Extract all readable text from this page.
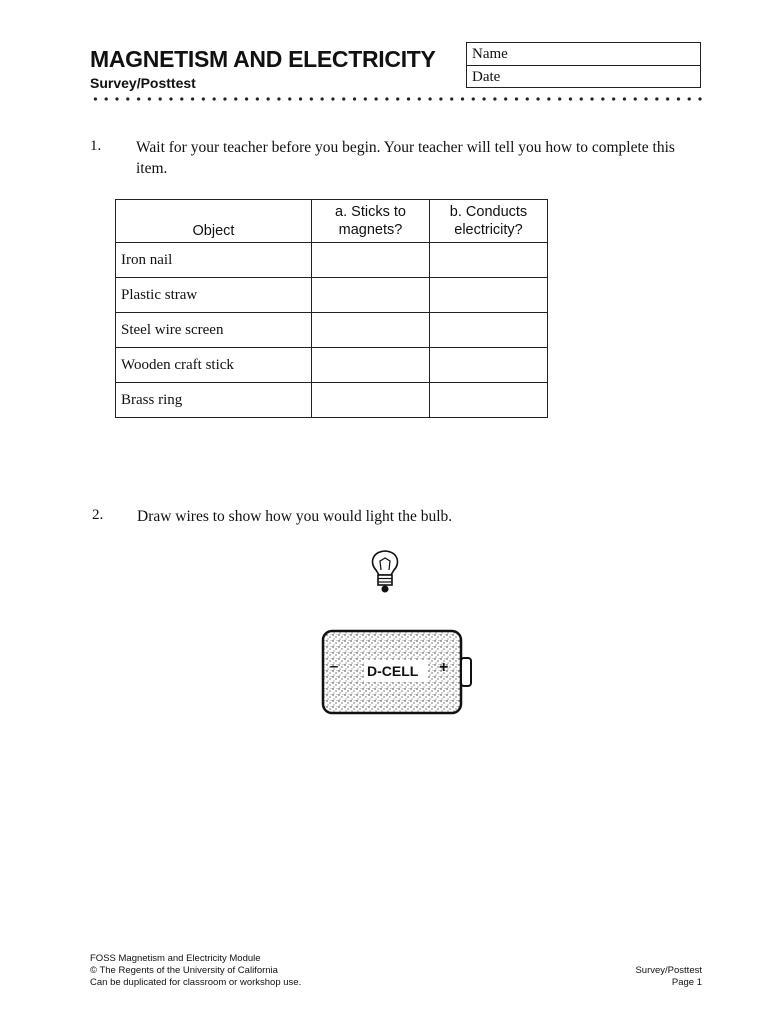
MAGNETISM AND ELECTRICITY
Survey/Posttest
Name
Date
1. Wait for your teacher before you begin. Your teacher will tell you how to complete this item.
Object	a. Sticks to magnets?	b. Conducts electricity?
Iron nail		
Plastic straw		
Steel wire screen		
Wooden craft stick		
Brass ring		
2. Draw wires to show how you would light the bulb.
D-CELL
–	+
FOSS Magnetism and Electricity Module
© The Regents of the University of California
Can be duplicated for classroom or workshop use.
Survey/Posttest
Page 1
